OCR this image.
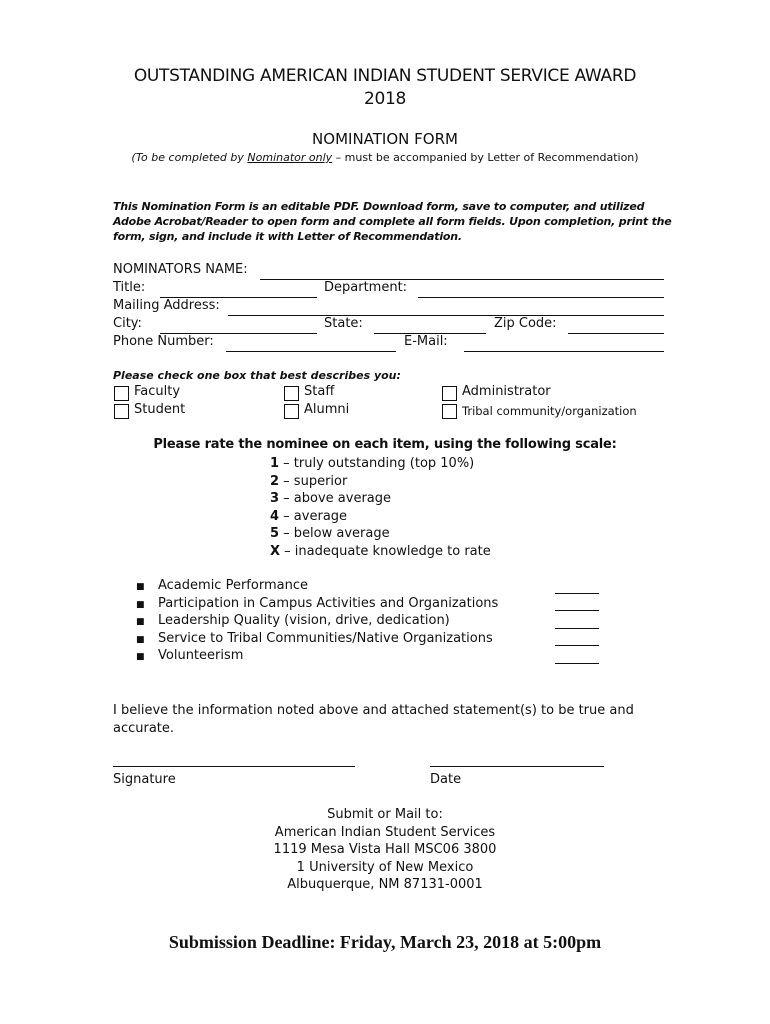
OUTSTANDING AMERICAN INDIAN STUDENT SERVICE AWARD
2018
NOMINATION FORM
(To be completed by Nominator only – must be accompanied by Letter of Recommendation)
This Nomination Form is an editable PDF. Download form, save to computer, and utilized Adobe Acrobat/Reader to open form and complete all form fields. Upon completion, print the form, sign, and include it with Letter of Recommendation.
NOMINATORS NAME:
Title:	Department:
Mailing Address:
City:	State:	Zip Code:
Phone Number:	E-Mail:
Please check one box that best describes you:
Faculty	Staff	Administrator
Student	Alumni	Tribal community/organization
Please rate the nominee on each item, using the following scale:
1 – truly outstanding (top 10%)
2 – superior
3 – above average
4 – average
5 – below average
X – inadequate knowledge to rate
■ Academic Performance
■ Participation in Campus Activities and Organizations
■ Leadership Quality (vision, drive, dedication)
■ Service to Tribal Communities/Native Organizations
■ Volunteerism
I believe the information noted above and attached statement(s) to be true and accurate.
Signature	Date
Submit or Mail to:
American Indian Student Services
1119 Mesa Vista Hall MSC06 3800
1 University of New Mexico
Albuquerque, NM 87131-0001
Submission Deadline: Friday, March 23, 2018 at 5:00pm
